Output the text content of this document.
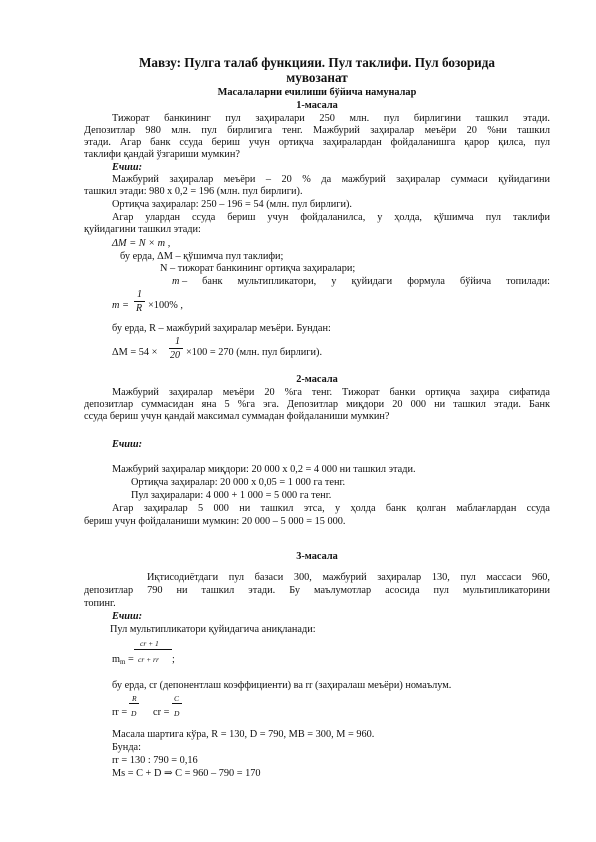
Мавзу: Пулга талаб функцияи. Пул таклифи. Пул бозорида
мувозанат
Масалаларни ечилиши бўйича намуналар
1-масала
Тижорат банкининг пул заҳиралари 250 млн. пул бирлигини ташкил этади.
Депозитлар 980 млн. пул бирлигига тенг. Мажбурий заҳиралар меъёри 20 %ни ташкил
этади. Агар банк ссуда бериш учун ортиқча заҳиралардан фойдаланишга қарор қилса, пул
таклифи қандай ўзгариши мумкин?
Ечиш:
Мажбурий заҳиралар меъёри – 20 % да мажбурий заҳиралар суммаси қуйидагини
ташкил этади: 980 х 0,2 = 196 (млн. пул бирлиги).
Ортиқча заҳиралар: 250 – 196 = 54 (млн. пул бирлиги).
Агар улардан ссуда бериш учун фойдаланилса, у ҳолда, қўшимча пул таклифи
қуйидагини ташкил этади:
ΔM = N × m ,
бу ерда, ΔM – қўшимча пул таклифи;
N – тижорат банкининг ортиқча заҳиралари;
m – банк мультипликатори, у қуйидаги формула бўйича топилади:
m =
1
R ×100% ,
бу ерда, R – мажбурий заҳиралар меъёри. Бундан:
ΔM = 54 ×
1
20 ×100 = 270 (млн. пул бирлиги).
2-масала
Мажбурий заҳиралар меъёри 20 %га тенг. Тижорат банки ортиқча заҳира сифатида
депозитлар суммасидан яна 5 %га эга. Депозитлар миқдори 20 000 ни ташкил этади. Банк
ссуда бериш учун қандай максимал суммадан фойдаланиши мумкин?
Ечиш:
Мажбурий заҳиралар миқдори: 20 000 х 0,2 = 4 000 ни ташкил этади.
Ортиқча заҳиралар: 20 000 х 0,05 = 1 000 га тенг.
Пул заҳиралари: 4 000 + 1 000 = 5 000 га тенг.
Агар заҳиралар 5 000 ни ташкил этса, у ҳолда банк қолган маблағлардан ссуда
бериш учун фойдаланиши мумкин: 20 000 – 5 000 = 15 000.
3-масала
Иқтисодиётдаги пул базаси 300, мажбурий заҳиралар 130, пул массаси 960,
депозитлар 790 ни ташкил этади. Бу маълумотлар асосида пул мультипликаторини
топинг.
Ечиш:
Пул мультипликатори қуйидагича аниқланади:
cr + 1
mm = cr + rr ;
бу ерда, cr (депонентлаш коэффициенти) ва rr (заҳиралаш меъёри) номаълум.
R
rr = D
C
cr = D
Масала шартига кўра, R = 130, D = 790, MB = 300, M = 960.
Бунда:
rr = 130 : 790 = 0,16
Ms = C + D ⇒ C = 960 – 790 = 170
